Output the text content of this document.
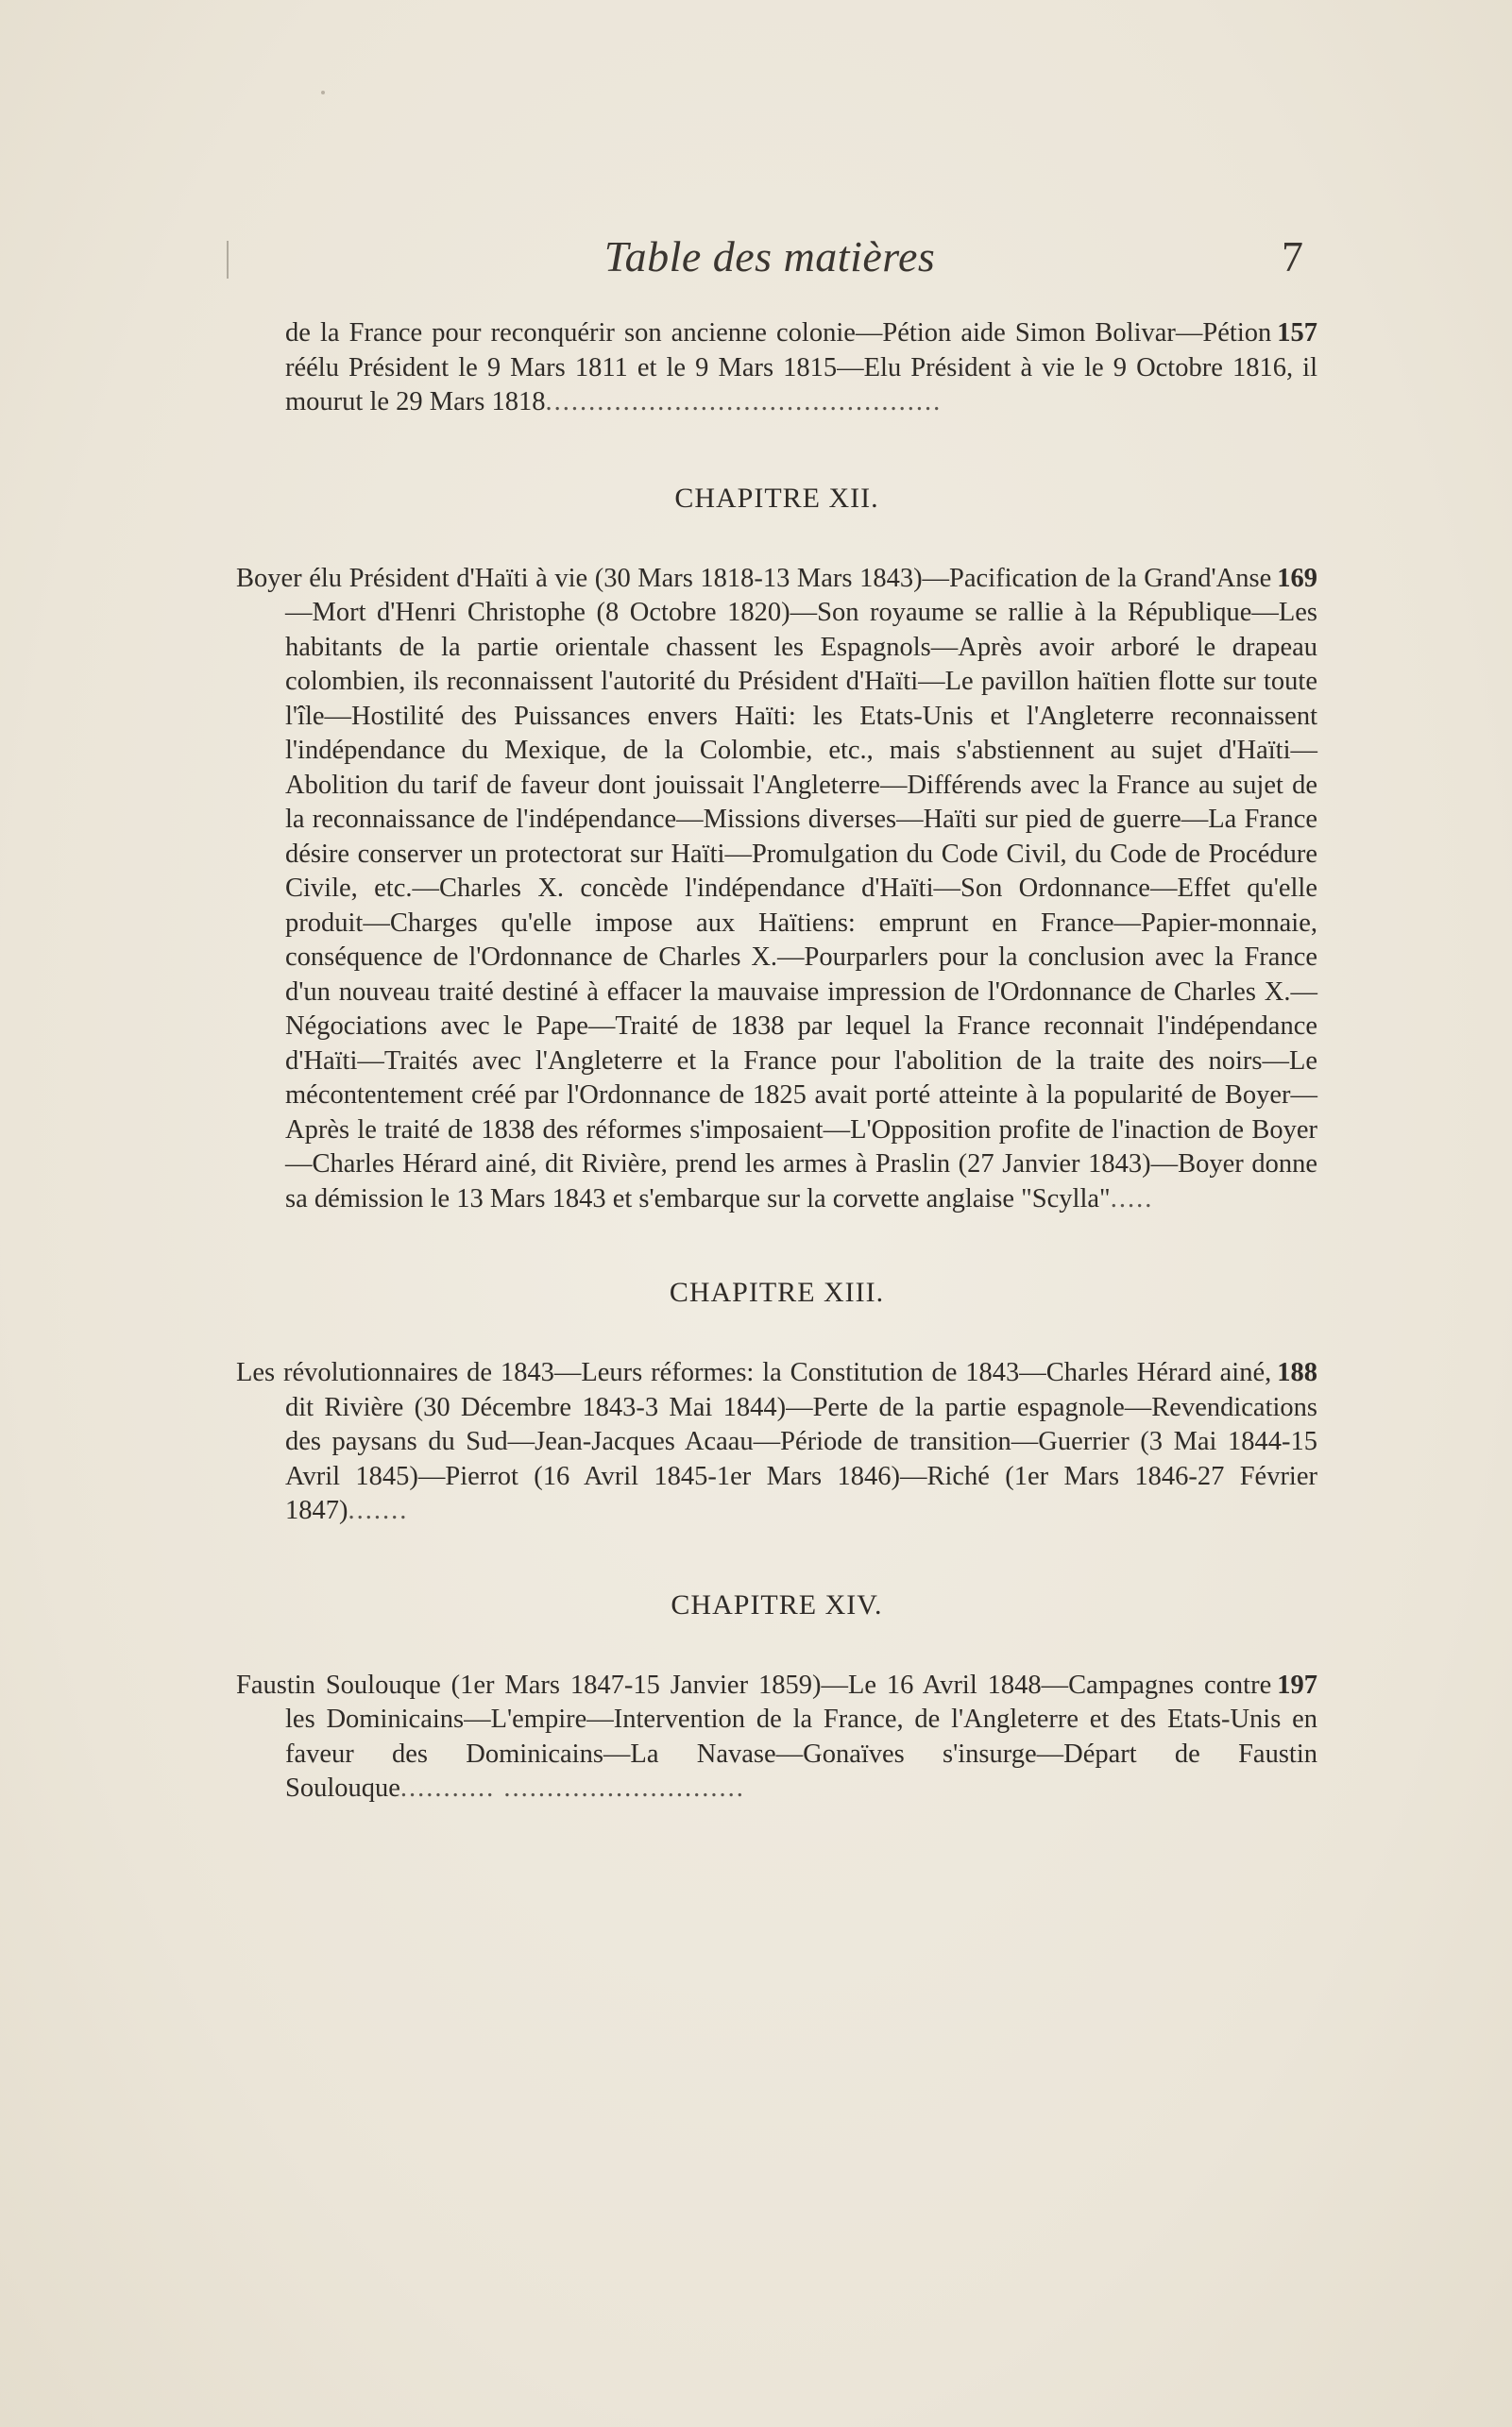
Table des matières	7

157
de la France pour reconquérir son ancienne colonie—Pétion aide Simon Bolivar—Pétion réélu Président le 9 Mars 1811 et le 9 Mars 1815—Elu Président à vie le 9 Octobre 1816, il mourut le 29 Mars 1818..............................................

CHAPITRE XII.

169
Boyer élu Président d'Haïti à vie (30 Mars 1818-13 Mars 1843)—Pacification de la Grand'Anse—Mort d'Henri Christophe (8 Octobre 1820)—Son royaume se rallie à la République—Les habitants de la partie orientale chassent les Espagnols—Après avoir arboré le drapeau colombien, ils reconnaissent l'autorité du Président d'Haïti—Le pavillon haïtien flotte sur toute l'île—Hostilité des Puissances envers Haïti: les Etats-Unis et l'Angleterre reconnaissent l'indépendance du Mexique, de la Colombie, etc., mais s'abstiennent au sujet d'Haïti—Abolition du tarif de faveur dont jouissait l'Angleterre—Différends avec la France au sujet de la reconnaissance de l'indépendance—Missions diverses—Haïti sur pied de guerre—La France désire conserver un protectorat sur Haïti—Promulgation du Code Civil, du Code de Procédure Civile, etc.—Charles X. concède l'indépendance d'Haïti—Son Ordonnance—Effet qu'elle produit—Charges qu'elle impose aux Haïtiens: emprunt en France—Papier-monnaie, conséquence de l'Ordonnance de Charles X.—Pourparlers pour la conclusion avec la France d'un nouveau traité destiné à effacer la mauvaise impression de l'Ordonnance de Charles X.—Négociations avec le Pape—Traité de 1838 par lequel la France reconnait l'indépendance d'Haïti—Traités avec l'Angleterre et la France pour l'abolition de la traite des noirs—Le mécontentement créé par l'Ordonnance de 1825 avait porté atteinte à la popularité de Boyer—Après le traité de 1838 des réformes s'imposaient—L'Opposition profite de l'inaction de Boyer—Charles Hérard ainé, dit Rivière, prend les armes à Praslin (27 Janvier 1843)—Boyer donne sa démission le 13 Mars 1843 et s'embarque sur la corvette anglaise "Scylla".....

CHAPITRE XIII.

188
Les révolutionnaires de 1843—Leurs réformes: la Constitution de 1843—Charles Hérard ainé, dit Rivière (30 Décembre 1843-3 Mai 1844)—Perte de la partie espagnole—Revendications des paysans du Sud—Jean-Jacques Acaau—Période de transition—Guerrier (3 Mai 1844-15 Avril 1845)—Pierrot (16 Avril 1845-1er Mars 1846)—Riché (1er Mars 1846-27 Février 1847).......

CHAPITRE XIV.

197
Faustin Soulouque (1er Mars 1847-15 Janvier 1859)—Le 16 Avril 1848—Campagnes contre les Dominicains—L'empire—Intervention de la France, de l'Angleterre et des Etats-Unis en faveur des Dominicains—La Navase—Gonaïves s'insurge—Départ de Faustin Soulouque........... ............................
